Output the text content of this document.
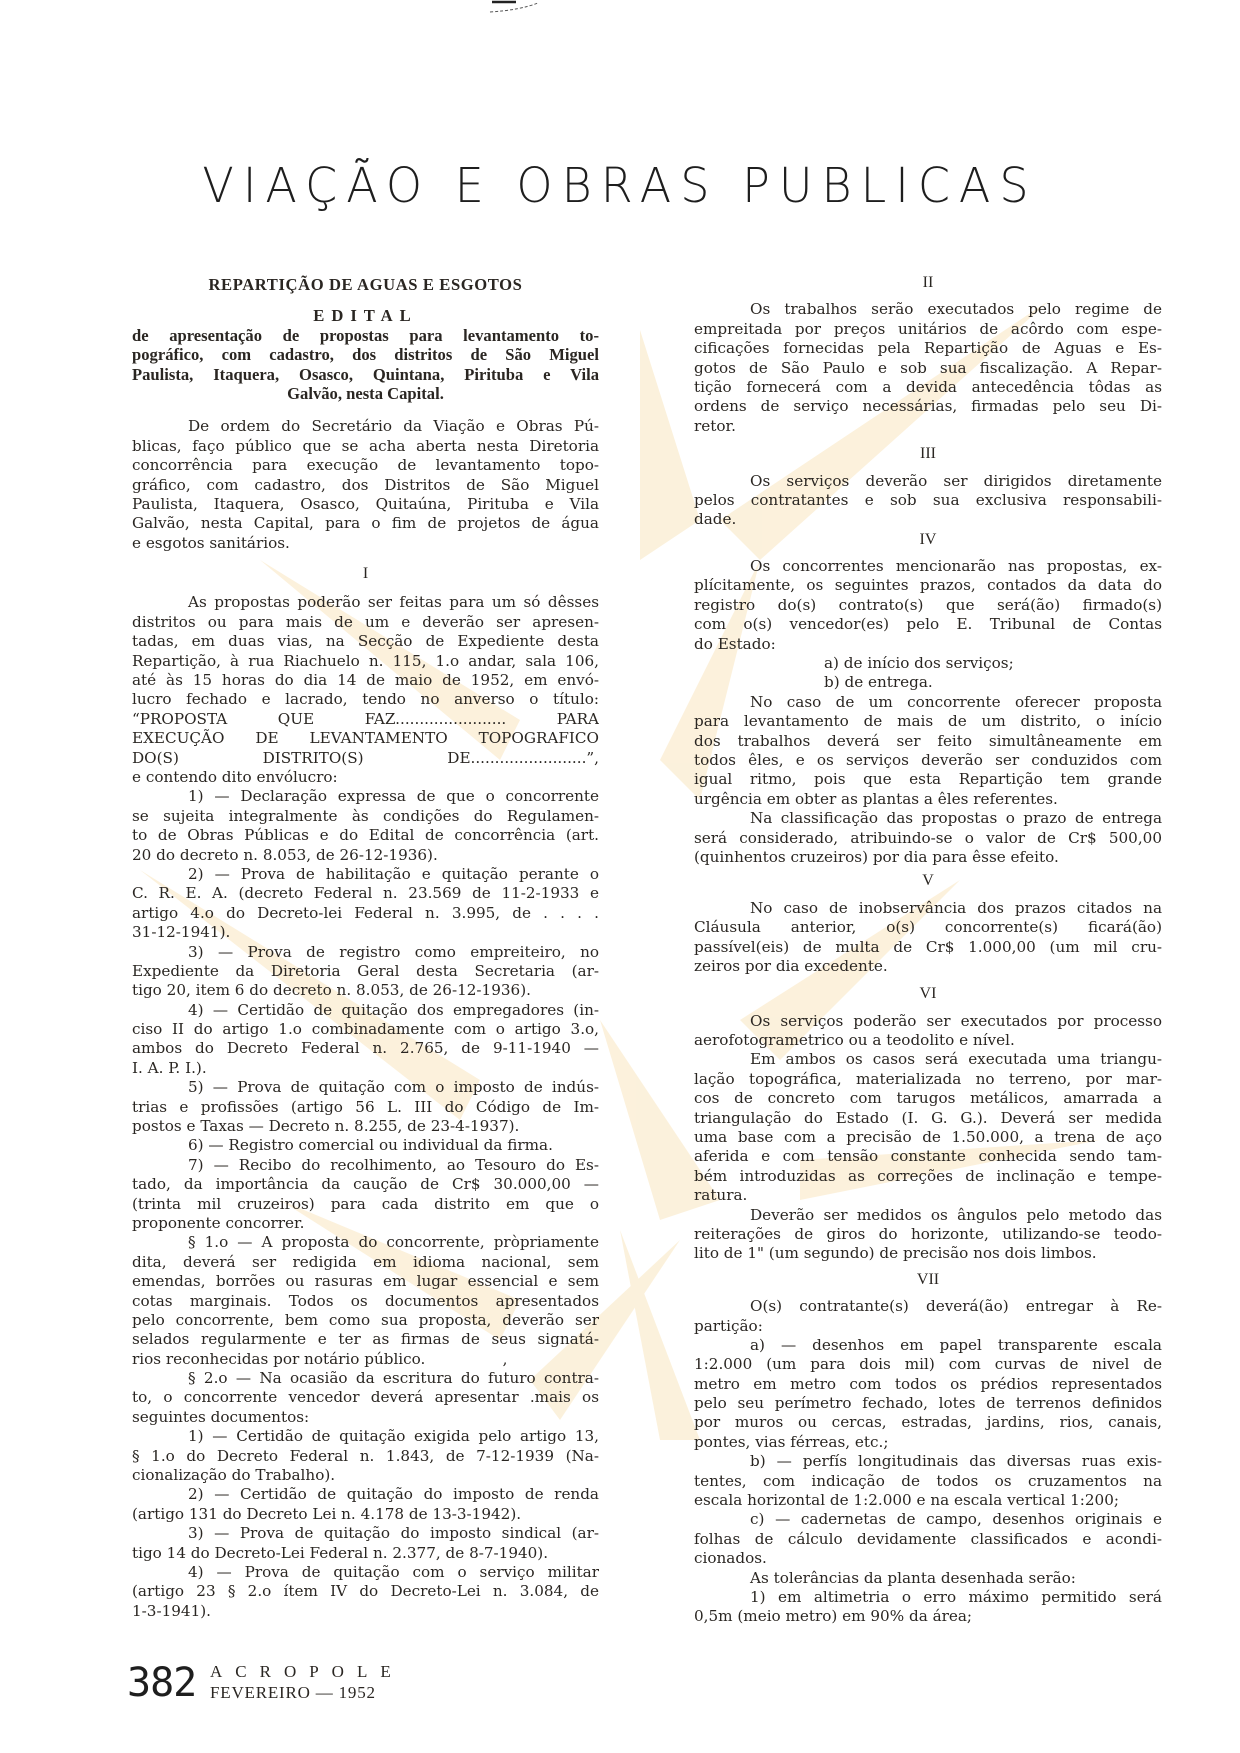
VIAÇÃO E OBRAS PUBLICAS
REPARTIÇÃO DE AGUAS E ESGOTOS
EDITAL
de apresentação de propostas para levantamento to-
pográfico, com cadastro, dos distritos de São Miguel
Paulista, Itaquera, Osasco, Quintana, Pirituba e Vila
Galvão, nesta Capital.
De ordem do Secretário da Viação e Obras Pú-
blicas, faço público que se acha aberta nesta Diretoria
concorrência para execução de levantamento topo-
gráfico, com cadastro, dos Distritos de São Miguel
Paulista, Itaquera, Osasco, Quitaúna, Pirituba e Vila
Galvão, nesta Capital, para o fim de projetos de água
e esgotos sanitários.
I
As propostas poderão ser feitas para um só dêsses
distritos ou para mais de um e deverão ser apresen-
tadas, em duas vias, na Secção de Expediente desta
Repartição, à rua Riachuelo n. 115, 1.o andar, sala 106,
até às 15 horas do dia 14 de maio de 1952, em envó-
lucro fechado e lacrado, tendo no anverso o título:
“PROPOSTA QUE FAZ....................... PARA
EXECUÇÃO DE LEVANTAMENTO TOPOGRAFICO
DO(S) DISTRITO(S) DE........................”,
e contendo dito envólucro:
1) — Declaração expressa de que o concorrente
se sujeita integralmente às condições do Regulamen-
to de Obras Públicas e do Edital de concorrência (art.
20 do decreto n. 8.053, de 26-12-1936).
2) — Prova de habilitação e quitação perante o
C. R. E. A. (decreto Federal n. 23.569 de 11-2-1933 e
artigo 4.o do Decreto-lei Federal n. 3.995, de . . . .
31-12-1941).
3) — Prova de registro como empreiteiro, no
Expediente da Diretoria Geral desta Secretaria (ar-
tigo 20, item 6 do decreto n. 8.053, de 26-12-1936).
4) — Certidão de quitação dos empregadores (in-
ciso II do artigo 1.o combinadamente com o artigo 3.o,
ambos do Decreto Federal n. 2.765, de 9-11-1940 —
I. A. P. I.).
5) — Prova de quitação com o imposto de indús-
trias e profissões (artigo 56 L. III do Código de Im-
postos e Taxas — Decreto n. 8.255, de 23-4-1937).
6) — Registro comercial ou individual da firma.
7) — Recibo do recolhimento, ao Tesouro do Es-
tado, da importância da caução de Cr$ 30.000,00 —
(trinta mil cruzeiros) para cada distrito em que o
proponente concorrer.
§ 1.o — A proposta do concorrente, pròpriamente
dita, deverá ser redigida em idioma nacional, sem
emendas, borrões ou rasuras em lugar essencial e sem
cotas marginais. Todos os documentos apresentados
pelo concorrente, bem como sua proposta, deverão ser
selados regularmente e ter as firmas de seus signatá-
rios reconhecidas por notário público.                ,
§ 2.o — Na ocasião da escritura do futuro contra-
to, o concorrente vencedor deverá apresentar .mais os
seguintes documentos:
1) — Certidão de quitação exigida pelo artigo 13,
§ 1.o do Decreto Federal n. 1.843, de 7-12-1939 (Na-
cionalização do Trabalho).
2) — Certidão de quitação do imposto de renda
(artigo 131 do Decreto Lei n. 4.178 de 13-3-1942).
3) — Prova de quitação do imposto sindical (ar-
tigo 14 do Decreto-Lei Federal n. 2.377, de 8-7-1940).
4) — Prova de quitação com o serviço militar
(artigo 23 § 2.o ítem IV do Decreto-Lei n. 3.084, de
1-3-1941).
II
Os trabalhos serão executados pelo regime de
empreitada por preços unitários de acôrdo com espe-
cificações fornecidas pela Repartição de Aguas e Es-
gotos de São Paulo e sob sua fiscalização. A Repar-
tição fornecerá com a devida antecedência tôdas as
ordens de serviço necessárias, firmadas pelo seu Di-
retor.
III
Os serviços deverão ser dirigidos diretamente
pelos contratantes e sob sua exclusiva responsabili-
dade.
IV
Os concorrentes mencionarão nas propostas, ex-
plícitamente, os seguintes prazos, contados da data do
registro do(s) contrato(s) que será(ão) firmado(s)
com o(s) vencedor(es) pelo E. Tribunal de Contas
do Estado:
a) de início dos serviços;
b) de entrega.
No caso de um concorrente oferecer proposta
para levantamento de mais de um distrito, o início
dos trabalhos deverá ser feito simultâneamente em
todos êles, e os serviços deverão ser conduzidos com
igual ritmo, pois que esta Repartição tem grande
urgência em obter as plantas a êles referentes.
Na classificação das propostas o prazo de entrega
será considerado, atribuindo-se o valor de Cr$ 500,00
(quinhentos cruzeiros) por dia para êsse efeito.
V
No caso de inobservância dos prazos citados na
Cláusula anterior, o(s) concorrente(s) ficará(ão)
passível(eis) de multa de Cr$ 1.000,00 (um mil cru-
zeiros por dia excedente.
VI
Os serviços poderão ser executados por processo
aerofotogrametrico ou a teodolito e nível.
Em ambos os casos será executada uma triangu-
lação topográfica, materializada no terreno, por mar-
cos de concreto com tarugos metálicos, amarrada a
triangulação do Estado (I. G. G.). Deverá ser medida
uma base com a precisão de 1.50.000, a trena de aço
aferida e com tensão constante conhecida sendo tam-
bém introduzidas as correções de inclinação e tempe-
ratura.
Deverão ser medidos os ângulos pelo metodo das
reiterações de giros do horizonte, utilizando-se teodo-
lito de 1" (um segundo) de precisão nos dois limbos.
VII
O(s) contratante(s) deverá(ão) entregar à Re-
partição:
a) — desenhos em papel transparente escala
1:2.000 (um para dois mil) com curvas de nivel de
metro em metro com todos os prédios representados
pelo seu perímetro fechado, lotes de terrenos definidos
por muros ou cercas, estradas, jardins, rios, canais,
pontes, vias férreas, etc.;
b) — perfís longitudinais das diversas ruas exis-
tentes, com indicação de todos os cruzamentos na
escala horizontal de 1:2.000 e na escala vertical 1:200;
c) — cadernetas de campo, desenhos originais e
folhas de cálculo devidamente classificados e acondi-
cionados.
As tolerâncias da planta desenhada serão:
1) em altimetria o erro máximo permitido será
0,5m (meio metro) em 90% da área;
382 ACROPOLE
FEVEREIRO — 1952
